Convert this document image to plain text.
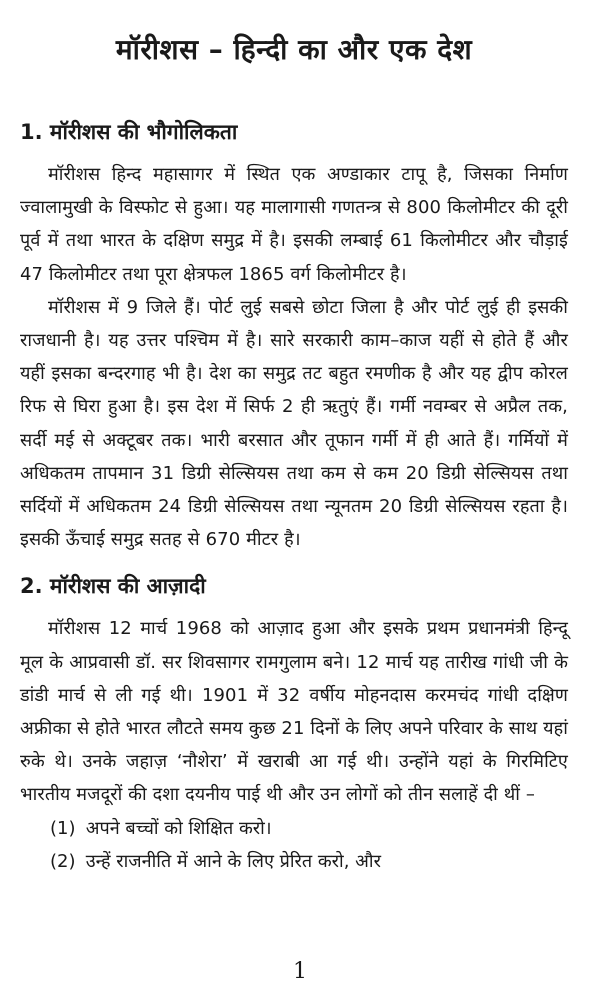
मॉरीशस – हिन्दी का और एक देश
1. मॉरीशस की भौगोलिकता

मॉरीशस हिन्द महासागर में स्थित एक अण्डाकार टापू है, जिसका निर्माण ज्वालामुखी के विस्फोट से हुआ। यह मालागासी गणतन्त्र से 800 किलोमीटर की दूरी पूर्व में तथा भारत के दक्षिण समुद्र में है। इसकी लम्बाई 61 किलोमीटर और चौड़ाई 47 किलोमीटर तथा पूरा क्षेत्रफल 1865 वर्ग किलोमीटर है।

मॉरीशस में 9 जिले हैं। पोर्ट लुई सबसे छोटा जिला है और पोर्ट लुई ही इसकी राजधानी है। यह उत्तर पश्चिम में है। सारे सरकारी काम–काज यहीं से होते हैं और यहीं इसका बन्दरगाह भी है। देश का समुद्र तट बहुत रमणीक है और यह द्वीप कोरल रिफ से घिरा हुआ है। इस देश में सिर्फ 2 ही ऋतुएं हैं। गर्मी नवम्बर से अप्रैल तक, सर्दी मई से अक्टूबर तक। भारी बरसात और तूफान गर्मी में ही आते हैं। गर्मियों में अधिकतम तापमान 31 डिग्री सेल्सियस तथा कम से कम 20 डिग्री सेल्सियस तथा सर्दियों में अधिकतम 24 डिग्री सेल्सियस तथा न्यूनतम 20 डिग्री सेल्सियस रहता है। इसकी ऊँचाई समुद्र सतह से 670 मीटर है।

2. मॉरीशस की आज़ादी

मॉरीशस 12 मार्च 1968 को आज़ाद हुआ और इसके प्रथम प्रधानमंत्री हिन्दू मूल के आप्रवासी डॉ. सर शिवसागर रामगुलाम बने। 12 मार्च यह तारीख गांधी जी के डांडी मार्च से ली गई थी। 1901 में 32 वर्षीय मोहनदास करमचंद गांधी दक्षिण अफ्रीका से होते भारत लौटते समय कुछ 21 दिनों के लिए अपने परिवार के साथ यहां रुके थे। उनके जहाज़ ‘नौशेरा’ में खराबी आ गई थी। उन्होंने यहां के गिरमिटिए भारतीय मजदूरों की दशा दयनीय पाई थी और उन लोगों को तीन सलाहें दी थीं –

(1) अपने बच्चों को शिक्षित करो।
(2) उन्हें राजनीति में आने के लिए प्रेरित करो, और
1
